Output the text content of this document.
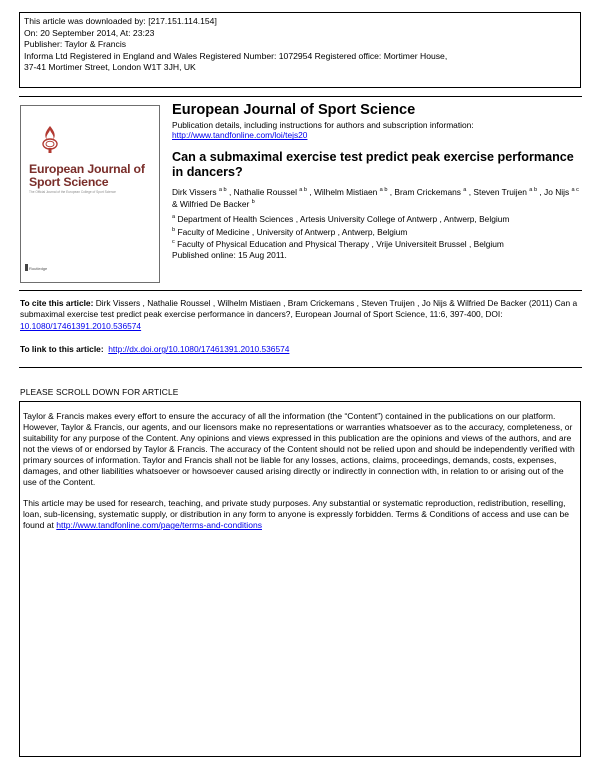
This article was downloaded by: [217.151.114.154]
On: 20 September 2014, At: 23:23
Publisher: Taylor & Francis
Informa Ltd Registered in England and Wales Registered Number: 1072954 Registered office: Mortimer House,
37-41 Mortimer Street, London W1T 3JH, UK
European Journal of Sport Science
The Official Journal of the European College of Sport Science
Routledge
European Journal of Sport Science
Publication details, including instructions for authors and subscription information:
http://www.tandfonline.com/loi/tejs20
Can a submaximal exercise test predict peak exercise performance in dancers?
Dirk Vissers $^{a b}$ , Nathalie Roussel $^{a b}$ , Wilhelm Mistiaen $^{a b}$ , Bram Crickemans $^a$ , Steven Truijen $^{a b}$ , Jo Nijs $^{a c}$ & Wilfried De Backer $^b$
$^a$ Department of Health Sciences , Artesis University College of Antwerp , Antwerp, Belgium
$^b$ Faculty of Medicine , University of Antwerp , Antwerp, Belgium
$^c$ Faculty of Physical Education and Physical Therapy , Vrije Universiteit Brussel , Belgium
Published online: 15 Aug 2011.
To cite this article: Dirk Vissers , Nathalie Roussel , Wilhelm Mistiaen , Bram Crickemans , Steven Truijen , Jo Nijs & Wilfried De Backer (2011) Can a submaximal exercise test predict peak exercise performance in dancers?, European Journal of Sport Science, 11:6, 397-400, DOI: 10.1080/17461391.2010.536574
To link to this article: http://dx.doi.org/10.1080/17461391.2010.536574
PLEASE SCROLL DOWN FOR ARTICLE

Taylor & Francis makes every effort to ensure the accuracy of all the information (the “Content”) contained in the publications on our platform. However, Taylor & Francis, our agents, and our licensors make no representations or warranties whatsoever as to the accuracy, completeness, or suitability for any purpose of the Content. Any opinions and views expressed in this publication are the opinions and views of the authors, and are not the views of or endorsed by Taylor & Francis. The accuracy of the Content should not be relied upon and should be independently verified with primary sources of information. Taylor and Francis shall not be liable for any losses, actions, claims, proceedings, demands, costs, expenses, damages, and other liabilities whatsoever or howsoever caused arising directly or indirectly in connection with, in relation to or arising out of the use of the Content.

This article may be used for research, teaching, and private study purposes. Any substantial or systematic reproduction, redistribution, reselling, loan, sub-licensing, systematic supply, or distribution in any form to anyone is expressly forbidden. Terms & Conditions of access and use can be found at http://www.tandfonline.com/page/terms-and-conditions
